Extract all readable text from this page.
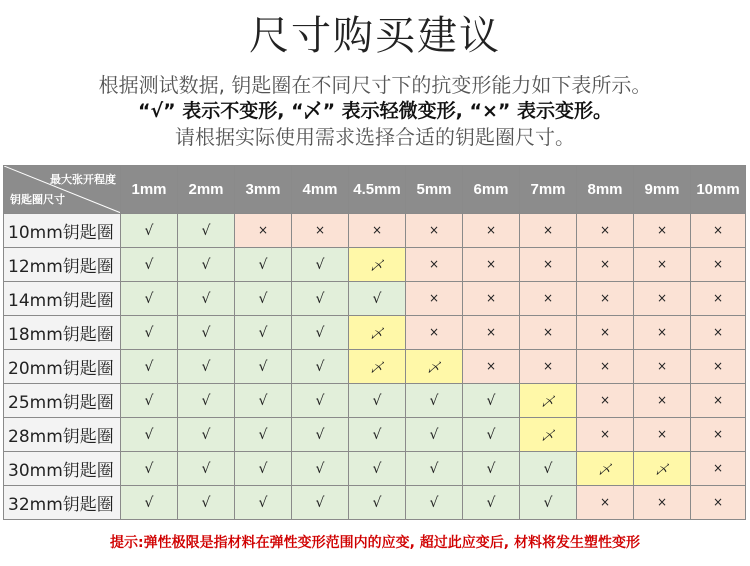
尺寸购买建议
根据测试数据, 钥匙圈在不同尺寸下的抗变形能力如下表所示。
“√” 表示不变形, “乄” 表示轻微变形, “×” 表示变形。
请根据实际使用需求选择合适的钥匙圈尺寸。
最大张开程度
钥匙圈尺寸	1mm	2mm	3mm	4mm	4.5mm	5mm	6mm	7mm	8mm	9mm	10mm
10mm钥匙圈	√	√	×	×	×	×	×	×	×	×	×
12mm钥匙圈	√	√	√	√	乄	×	×	×	×	×	×
14mm钥匙圈	√	√	√	√	√	×	×	×	×	×	×
18mm钥匙圈	√	√	√	√	乄	×	×	×	×	×	×
20mm钥匙圈	√	√	√	√	乄	乄	×	×	×	×	×
25mm钥匙圈	√	√	√	√	√	√	√	乄	×	×	×
28mm钥匙圈	√	√	√	√	√	√	√	乄	×	×	×
30mm钥匙圈	√	√	√	√	√	√	√	√	乄	乄	×
32mm钥匙圈	√	√	√	√	√	√	√	√	×	×	×
提示:弹性极限是指材料在弹性变形范围内的应变, 超过此应变后, 材料将发生塑性变形
